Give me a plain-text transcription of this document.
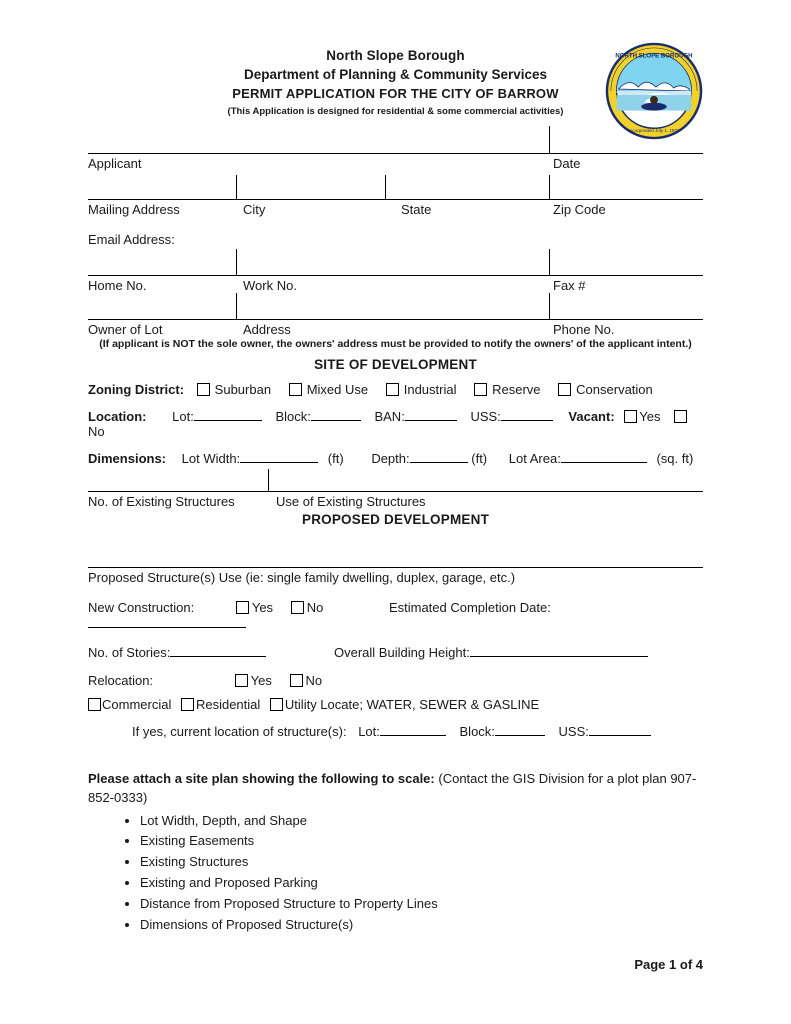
North Slope Borough
Department of Planning & Community Services
PERMIT APPLICATION FOR THE CITY OF BARROW
(This Application is designed for residential & some commercial activities)
NORTH SLOPE BOROUGH
Incorporated July 1, 1972
Applicant	Date
Mailing Address	City	State	Zip Code
Email Address:
Home No.	Work No.	Fax #
Owner of Lot	Address	Phone No.
(If applicant is NOT the sole owner, the owners' address must be provided to notify the owners' of the applicant intent.)
SITE OF DEVELOPMENT
Zoning District: Suburban	Mixed Use	Industrial	Reserve	Conservation
Location: Lot:	Block:	BAN:	USS:	Vacant: Yes No
Dimensions: Lot Width:	(ft) Depth:	(ft) Lot Area:	(sq. ft)
No. of Existing Structures	Use of Existing Structures
PROPOSED DEVELOPMENT
Proposed Structure(s) Use (ie: single family dwelling, duplex, garage, etc.)
New Construction:	Yes	No	Estimated Completion Date:
No. of Stories:	Overall Building Height:
Relocation:	Yes	No
Commercial Residential Utility Locate; WATER, SEWER & GASLINE
If yes, current location of structure(s): Lot:	Block:	USS:
Please attach a site plan showing the following to scale: (Contact the GIS Division for a plot plan 907-852-0333)
• Lot Width, Depth, and Shape
• Existing Easements
• Existing Structures
• Existing and Proposed Parking
• Distance from Proposed Structure to Property Lines
• Dimensions of Proposed Structure(s)
Page 1 of 4
